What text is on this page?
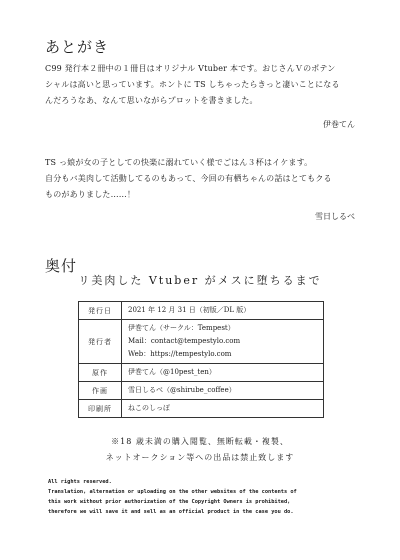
あとがき
C99 発行本２冊中の１冊目はオリジナル Vtuber 本です。おじさんＶのポテン
シャルは高いと思っています。ホントに TS しちゃったらきっと凄いことになる
んだろうなあ、なんて思いながらプロットを書きました。
伊巻てん
TS っ娘が女の子としての快楽に溺れていく様でごはん３杯はイケます。
自分もバ美肉して活動してるのもあって、今回の有栖ちゃんの話はとてもクる
ものがありました……！
雪日しるべ
奥付
リ美肉した Vtuber がメスに堕ちるまで
発行日	2021 年 12 月 31 日（初版／DL 版）

発行者	伊巻てん（サークル：Tempest）
Mail：contact@tempestylo.com
Web：https://tempestylo.com

原作	伊巻てん（@10pest_ten）

作画	雪日しるべ（@shirube_coffee）

印刷所	ねこのしっぽ
※18 歳未満の購入閲覧、無断転載・複製、
ネットオークション等への出品は禁止致します
All rights reserved.
Translation, alternation or uploading on the other websites of the contents of
this work without prior authorization of the Copyright Owners is prohibited,
therefore we will save it and sell as an official product in the case you do.
